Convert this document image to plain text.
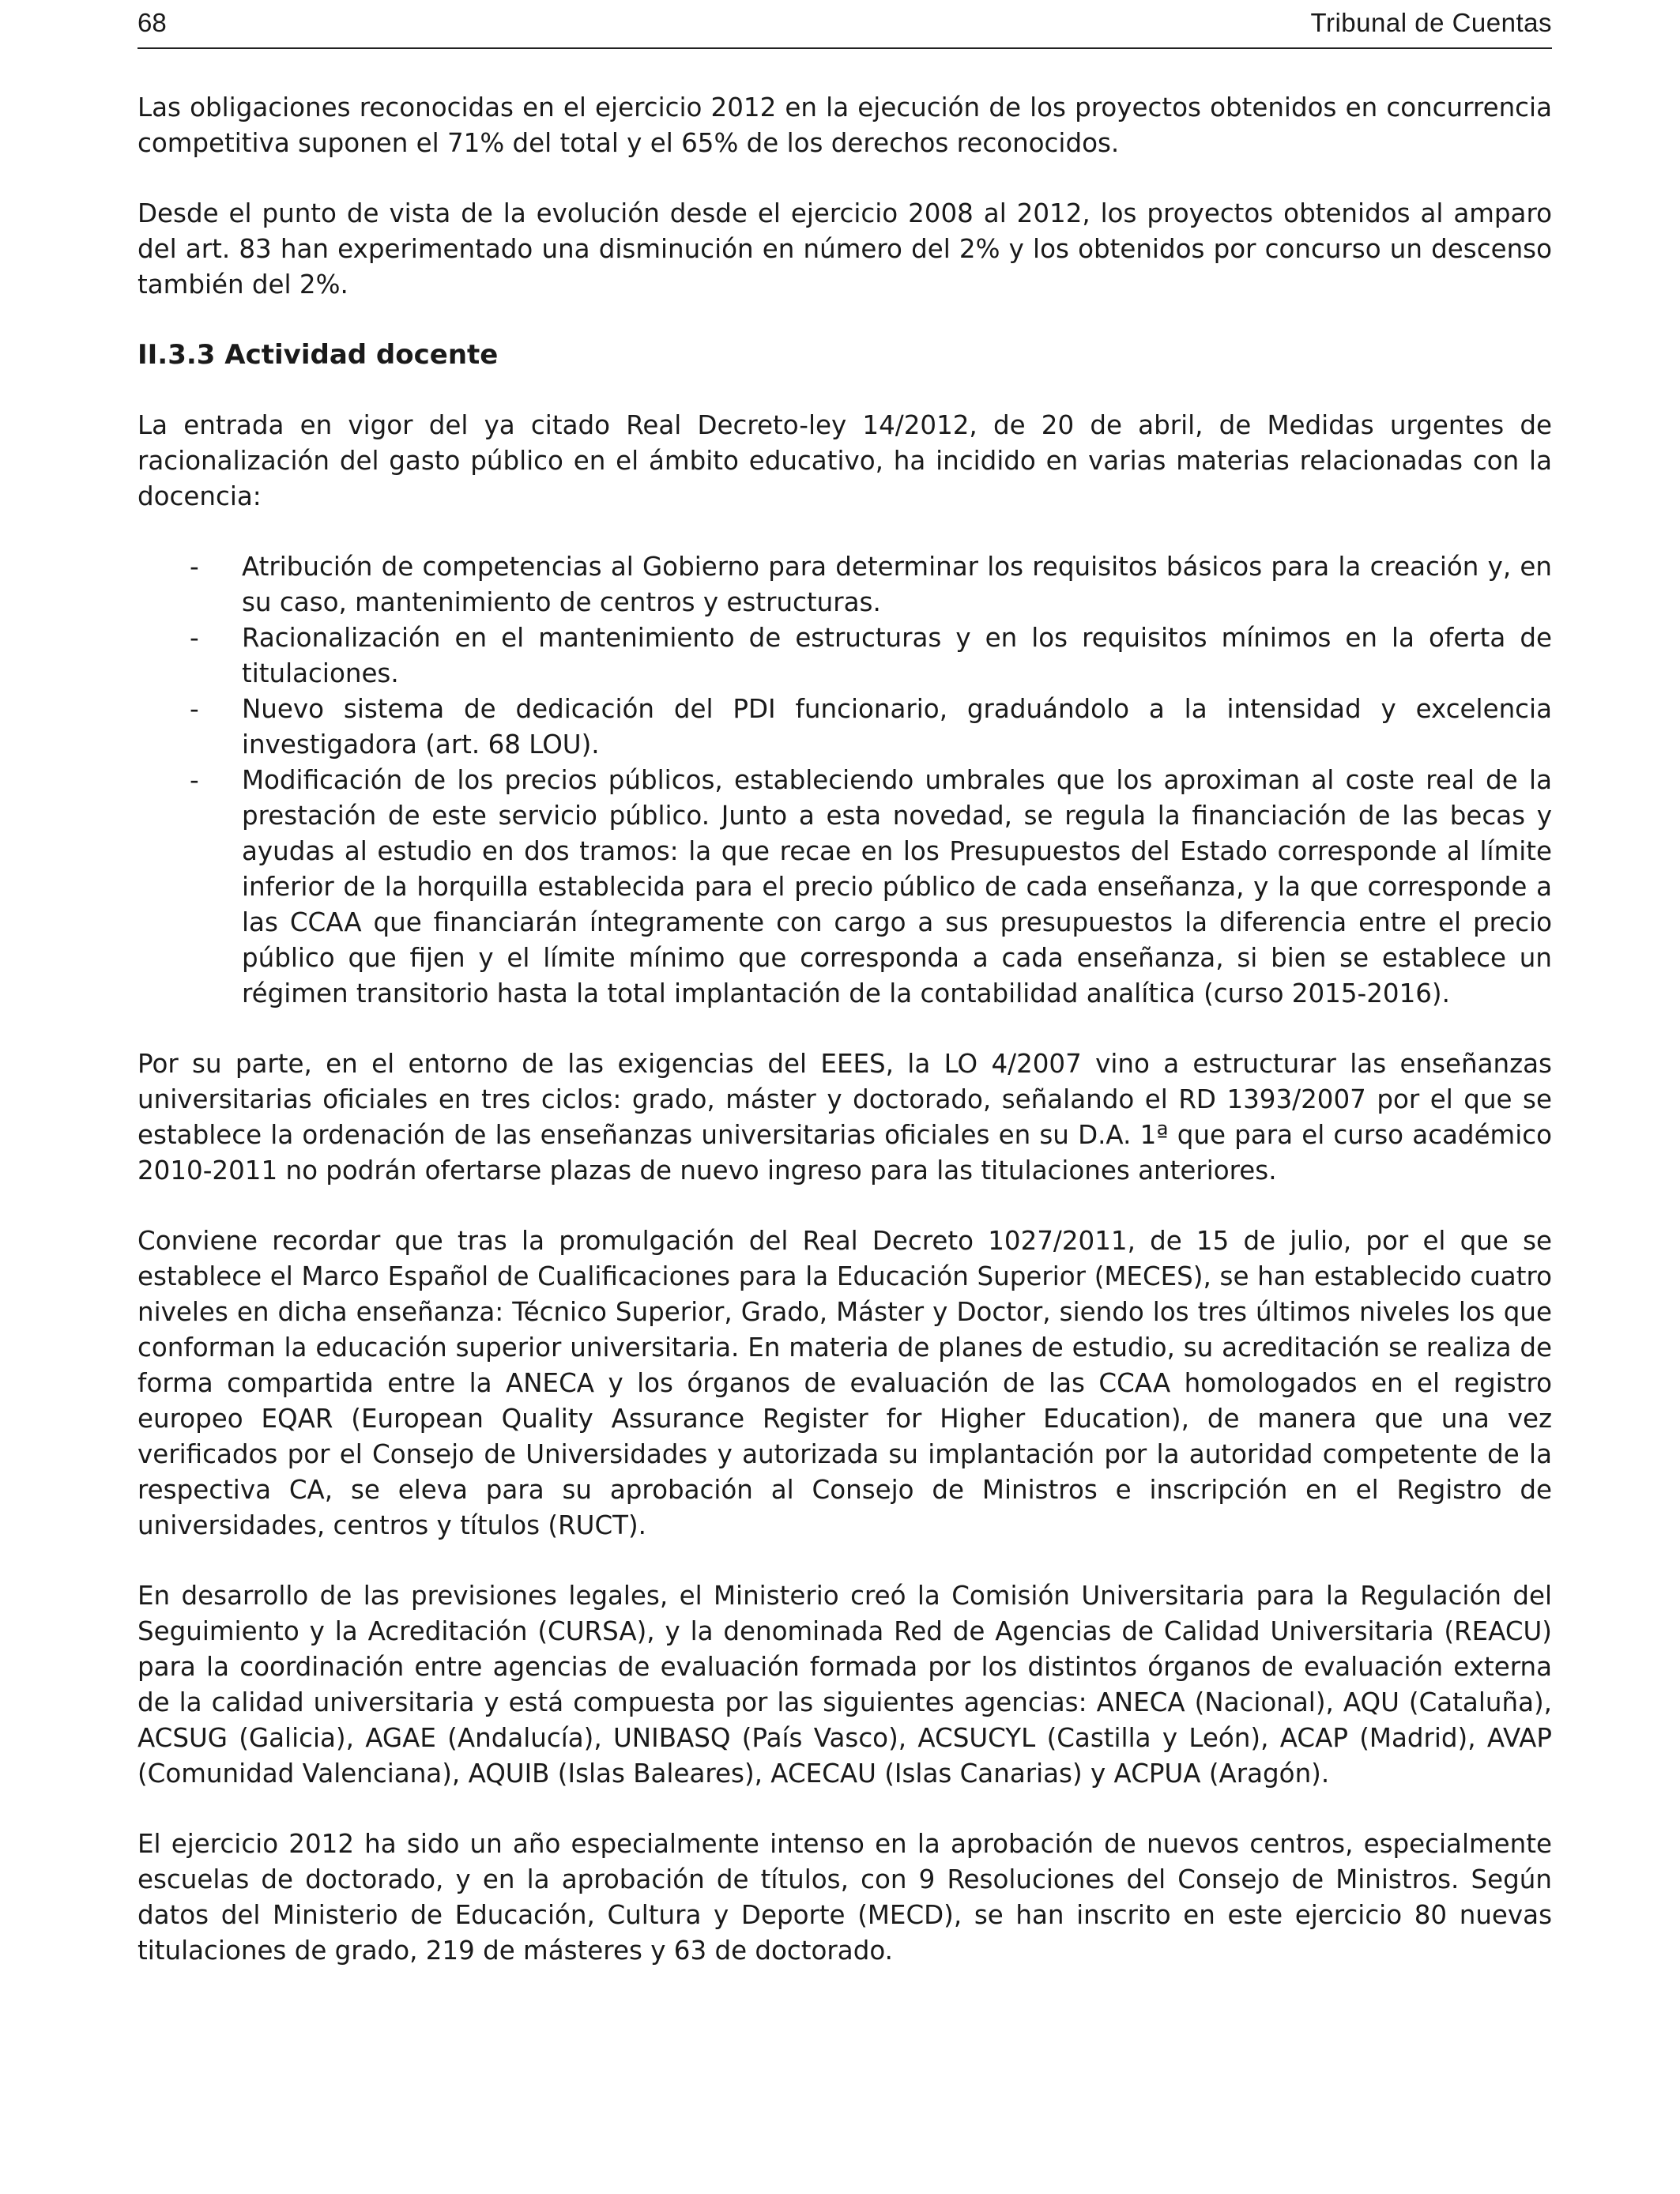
68	Tribunal de Cuentas

Las obligaciones reconocidas en el ejercicio 2012 en la ejecución de los proyectos obtenidos en concurrencia competitiva suponen el 71% del total y el 65% de los derechos reconocidos.

Desde el punto de vista de la evolución desde el ejercicio 2008 al 2012, los proyectos obtenidos al amparo del art. 83 han experimentado una disminución en número del 2% y los obtenidos por concurso un descenso también del 2%.

II.3.3 Actividad docente

La entrada en vigor del ya citado Real Decreto-ley 14/2012, de 20 de abril, de Medidas urgentes de racionalización del gasto público en el ámbito educativo, ha incidido en varias materias relacionadas con la docencia:

- Atribución de competencias al Gobierno para determinar los requisitos básicos para la creación y, en su caso, mantenimiento de centros y estructuras.
- Racionalización en el mantenimiento de estructuras y en los requisitos mínimos en la oferta de titulaciones.
- Nuevo sistema de dedicación del PDI funcionario, graduándolo a la intensidad y excelencia investigadora (art. 68 LOU).
- Modificación de los precios públicos, estableciendo umbrales que los aproximan al coste real de la prestación de este servicio público. Junto a esta novedad, se regula la financiación de las becas y ayudas al estudio en dos tramos: la que recae en los Presupuestos del Estado corresponde al límite inferior de la horquilla establecida para el precio público de cada enseñanza, y la que corresponde a las CCAA que financiarán íntegramente con cargo a sus presupuestos la diferencia entre el precio público que fijen y el límite mínimo que corresponda a cada enseñanza, si bien se establece un régimen transitorio hasta la total implantación de la contabilidad analítica (curso 2015-2016).

Por su parte, en el entorno de las exigencias del EEES, la LO 4/2007 vino a estructurar las enseñanzas universitarias oficiales en tres ciclos: grado, máster y doctorado, señalando el RD 1393/2007 por el que se establece la ordenación de las enseñanzas universitarias oficiales en su D.A. 1ª que para el curso académico 2010-2011 no podrán ofertarse plazas de nuevo ingreso para las titulaciones anteriores.

Conviene recordar que tras la promulgación del Real Decreto 1027/2011, de 15 de julio, por el que se establece el Marco Español de Cualificaciones para la Educación Superior (MECES), se han establecido cuatro niveles en dicha enseñanza: Técnico Superior, Grado, Máster y Doctor, siendo los tres últimos niveles los que conforman la educación superior universitaria. En materia de planes de estudio, su acreditación se realiza de forma compartida entre la ANECA y los órganos de evaluación de las CCAA homologados en el registro europeo EQAR (European Quality Assurance Register for Higher Education), de manera que una vez verificados por el Consejo de Universidades y autorizada su implantación por la autoridad competente de la respectiva CA, se eleva para su aprobación al Consejo de Ministros e inscripción en el Registro de universidades, centros y títulos (RUCT).

En desarrollo de las previsiones legales, el Ministerio creó la Comisión Universitaria para la Regulación del Seguimiento y la Acreditación (CURSA), y la denominada Red de Agencias de Calidad Universitaria (REACU) para la coordinación entre agencias de evaluación formada por los distintos órganos de evaluación externa de la calidad universitaria y está compuesta por las siguientes agencias: ANECA (Nacional), AQU (Cataluña), ACSUG (Galicia), AGAE (Andalucía), UNIBASQ (País Vasco), ACSUCYL (Castilla y León), ACAP (Madrid), AVAP (Comunidad Valenciana), AQUIB (Islas Baleares), ACECAU (Islas Canarias) y ACPUA (Aragón).

El ejercicio 2012 ha sido un año especialmente intenso en la aprobación de nuevos centros, especialmente escuelas de doctorado, y en la aprobación de títulos, con 9 Resoluciones del Consejo de Ministros. Según datos del Ministerio de Educación, Cultura y Deporte (MECD), se han inscrito en este ejercicio 80 nuevas titulaciones de grado, 219 de másteres y 63 de doctorado.
